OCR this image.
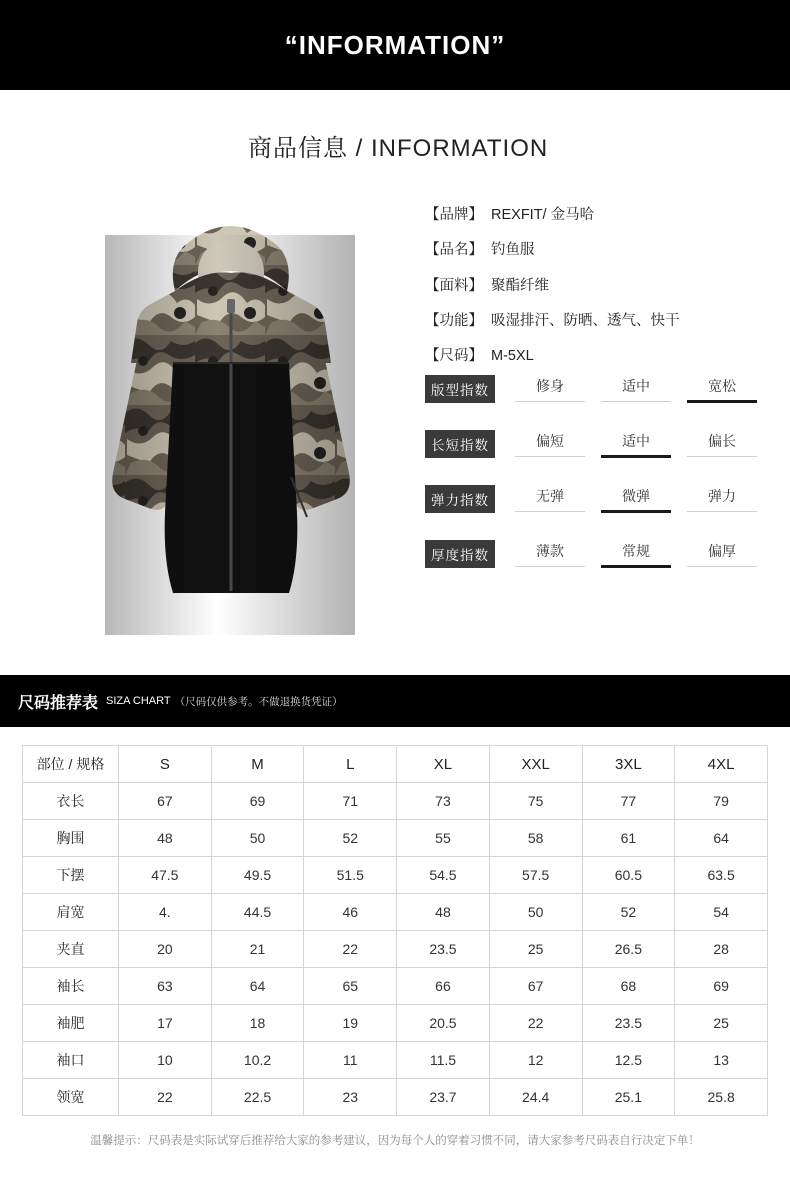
“INFORMATION”
商品信息 / INFORMATION
【品牌】 REXFIT/ 金马哈
【品名】 钓鱼服
【面料】 聚酯纤维
【功能】 吸湿排汗、防晒、透气、快干
【尺码】 M-5XL
版型指数	修身	适中	宽松
长短指数	偏短	适中	偏长
弹力指数	无弹	微弹	弹力
厚度指数	薄款	常规	偏厚
尺码推荐表 SIZA CHART （尺码仅供参考。不做退换货凭证）
部位 / 规格	S	M	L	XL	XXL	3XL	4XL
衣长	67	69	71	73	75	77	79
胸围	48	50	52	55	58	61	64
下摆	47.5	49.5	51.5	54.5	57.5	60.5	63.5
肩宽	4.	44.5	46	48	50	52	54
夹直	20	21	22	23.5	25	26.5	28
袖长	63	64	65	66	67	68	69
袖肥	17	18	19	20.5	22	23.5	25
袖口	10	10.2	11	11.5	12	12.5	13
领宽	22	22.5	23	23.7	24.4	25.1	25.8
温馨提示：尺码表是实际试穿后推荐给大家的参考建议，因为每个人的穿着习惯不同，请大家参考尺码表自行决定下单！
